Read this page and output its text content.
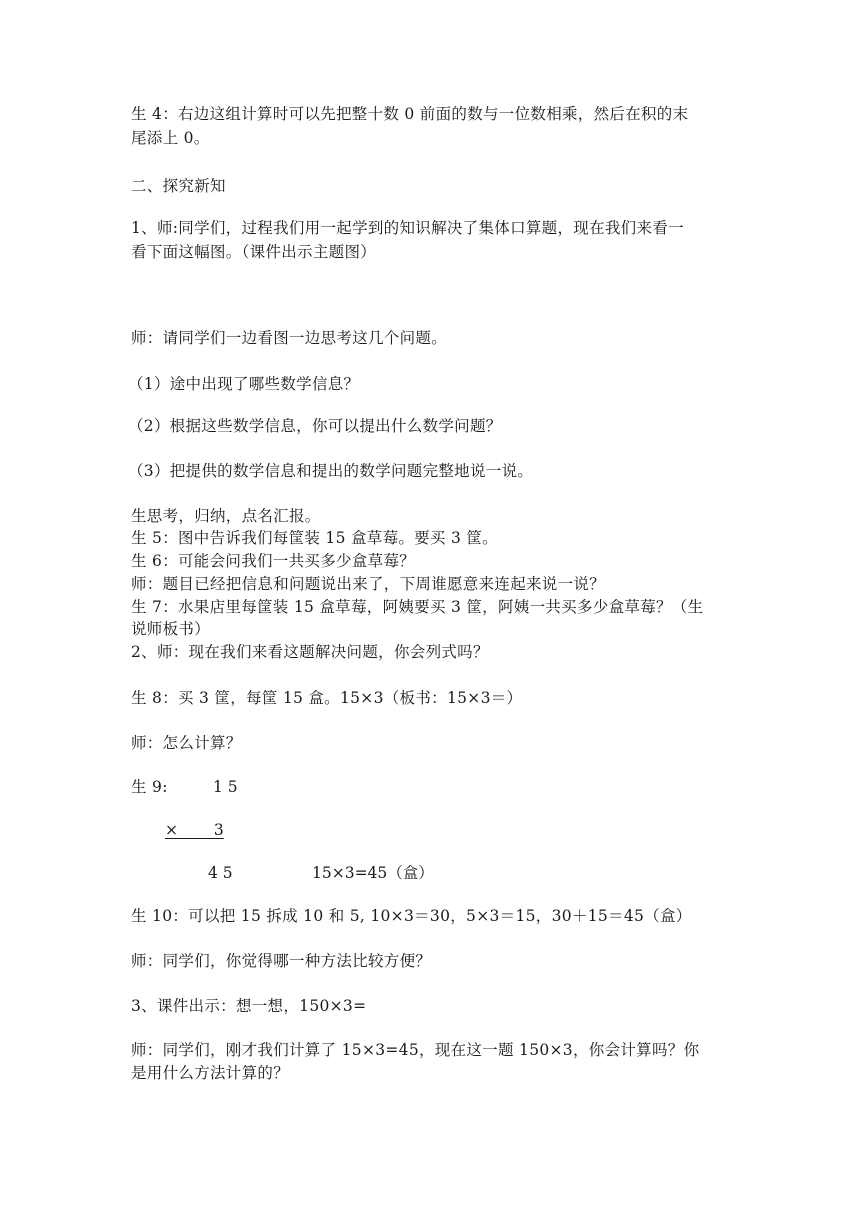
生 4：右边这组计算时可以先把整十数 0 前面的数与一位数相乘，然后在积的末
尾添上 0。
二、探究新知
1、师:同学们，过程我们用一起学到的知识解决了集体口算题，现在我们来看一
看下面这幅图。（课件出示主题图）
师：请同学们一边看图一边思考这几个问题。
（1）途中出现了哪些数学信息？
（2）根据这些数学信息，你可以提出什么数学问题？
（3）把提供的数学信息和提出的数学问题完整地说一说。
生思考，归纳，点名汇报。
生 5：图中告诉我们每筐装 15 盒草莓。要买 3 筐。
生 6：可能会问我们一共买多少盒草莓？
师：题目已经把信息和问题说出来了，下周谁愿意来连起来说一说？
生 7：水果店里每筐装 15 盒草莓，阿姨要买 3 筐，阿姨一共买多少盒草莓？（生
说师板书）
2、师：现在我们来看这题解决问题，你会列式吗？
生 8：买 3 筐，每筐 15 盒。15×3（板书：15×3＝）
师：怎么计算？
生 9:	1 5
×　　 3
4 5	15×3=45（盒）
生 10：可以把 15 拆成 10 和 5, 10×3＝30，5×3＝15，30＋15＝45（盒）
师：同学们，你觉得哪一种方法比较方便？
3、课件出示：想一想，150×3=
师：同学们，刚才我们计算了 15×3=45，现在这一题 150×3，你会计算吗？你
是用什么方法计算的？
